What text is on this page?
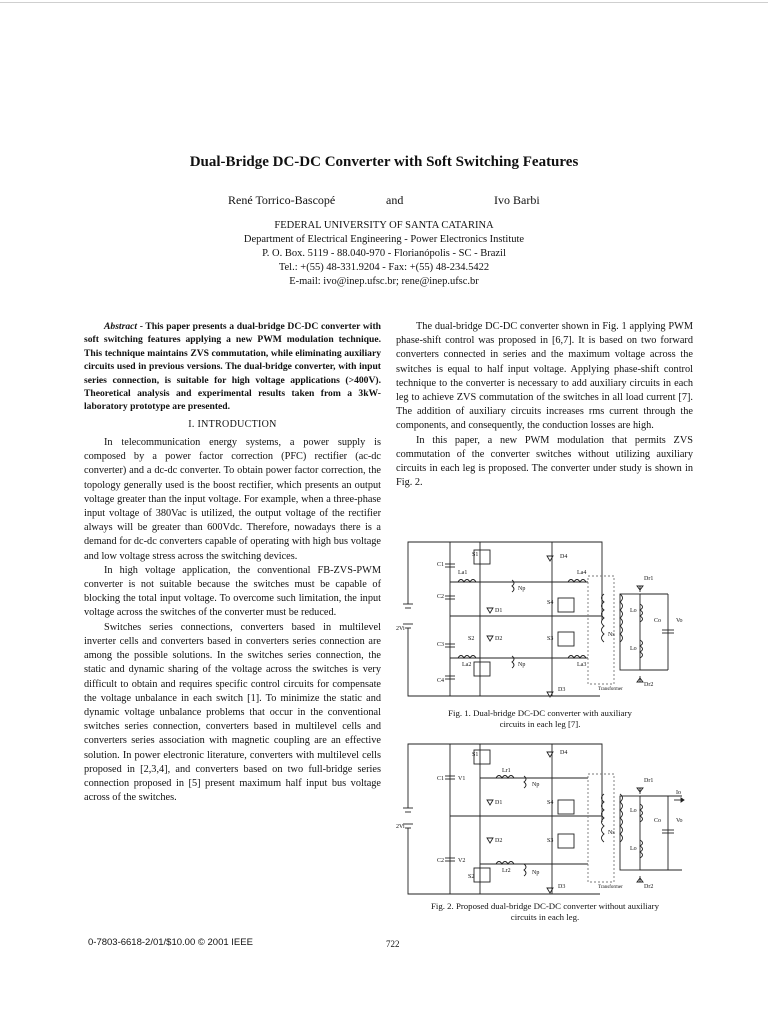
Dual-Bridge DC-DC Converter with Soft Switching Features
René Torrico-Bascopé	and	Ivo Barbi
FEDERAL UNIVERSITY OF SANTA CATARINA
Department of Electrical Engineering - Power Electronics Institute
P. O. Box. 5119 - 88.040-970 - Florianópolis - SC - Brazil
Tel.: +(55) 48-331.9204 - Fax: +(55) 48-234.5422
E-mail: ivo@inep.ufsc.br; rene@inep.ufsc.br

Abstract - This paper presents a dual-bridge DC-DC converter with soft switching features applying a new PWM modulation technique. This technique maintains ZVS commutation, while eliminating auxiliary circuits used in previous versions. The dual-bridge converter, with input series connection, is suitable for high voltage applications (>400V). Theoretical analysis and experimental results taken from a 3kW-laboratory prototype are presented.

I. INTRODUCTION

In telecommunication energy systems, a power supply is composed by a power factor correction (PFC) rectifier (ac-dc converter) and a dc-dc converter. To obtain power factor correction, the topology generally used is the boost rectifier, which presents an output voltage greater than the input voltage. For example, when a three-phase input voltage of 380Vac is utilized, the output voltage of the rectifier always will be greater than 600Vdc. Therefore, nowadays there is a demand for dc-dc converters capable of operating with high bus voltage and low voltage stress across the switching devices.

In high voltage application, the conventional FB-ZVS-PWM converter is not suitable because the switches must be capable of blocking the total input voltage. To overcome such limitation, the input voltage across the switches of the converter must be reduced.

Switches series connections, converters based in multilevel inverter cells and converters based in converters series connection are among the possible solutions. In the switches series connection, the static and dynamic sharing of the voltage across the switches is very difficult to obtain and requires specific control circuits for compensate the voltage unbalance in each switch [1]. To minimize the static and dynamic voltage unbalance problems that occur in the conventional switches series connection, converters based in multilevel cells and converters series association with magnetic coupling are an effective solution. In power electronic literature, converters with multilevel cells proposed in [2,3,4], and converters based on two full-bridge series connection proposed in [5] present maximum half input bus voltage across of the switches.

The dual-bridge DC-DC converter shown in Fig. 1 applying PWM phase-shift control was proposed in [6,7]. It is based on two forward converters connected in series and the maximum voltage across the switches is equal to half input voltage. Applying phase-shift control technique to the converter is necessary to add auxiliary circuits in each leg to achieve ZVS commutation of the switches in all load current [7]. The addition of auxiliary circuits increases rms current through the components, and consequently, the conduction losses are high.

In this paper, a new PWM modulation that permits ZVS commutation of the converter switches without utilizing auxiliary circuits in each leg is proposed. The converter under study is shown in Fig. 2.

S1	D4
C1
La1	La4
Np
C2
D1
S4
2Vi
S2	D2	S3
C3
Np
La2	La3
C4
D3	Transformer
Dr1
Dr2
Lo
Lo
Co Vo
Ns
Fig. 1. Dual-bridge DC-DC converter with auxiliary circuits in each leg [7].
S1	D4
C1 V1
Lr1
Np
D1	S4
2Vi
S2
D2	S3
C2 V2
Lr2	Np
D3	Transformer
Dr1
Dr2
Lo
Lo
Co Vo
Io
Ns
Fig. 2. Proposed dual-bridge DC-DC converter without auxiliary circuits in each leg.
0-7803-6618-2/01/$10.00 © 2001 IEEE	722
